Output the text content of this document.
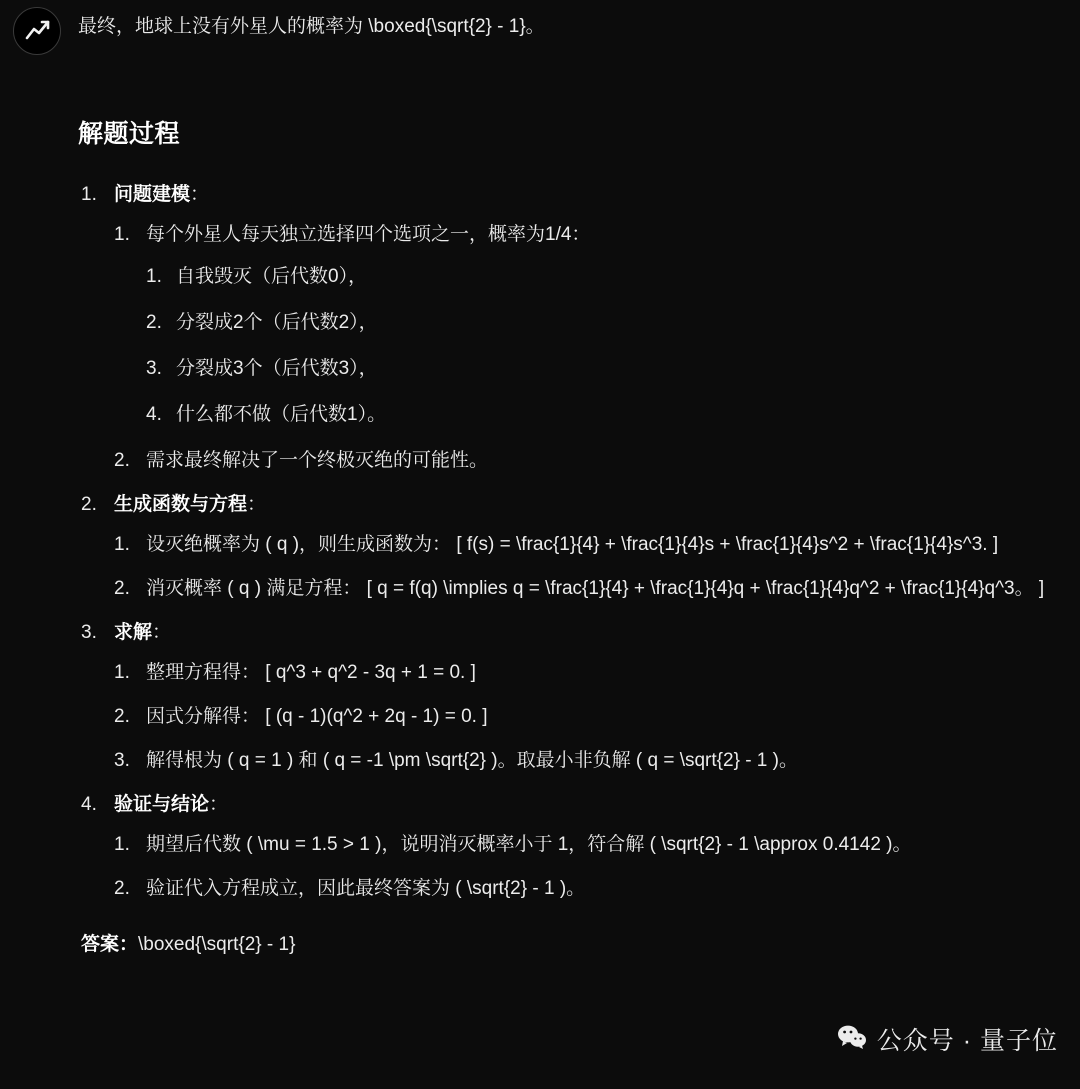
最终，地球上没有外星人的概率为 \boxed{\sqrt{2} - 1}。

解题过程
1. 问题建模：
1. 每个外星人每天独立选择四个选项之一，概率为1/4：
1. 自我毁灭（后代数0），
2. 分裂成2个（后代数2），
3. 分裂成3个（后代数3），
4. 什么都不做（后代数1）。
2. 需求最终解决了一个终极灭绝的可能性。
2. 生成函数与方程：
1. 设灭绝概率为 ( q )，则生成函数为： [ f(s) = \frac{1}{4} + \frac{1}{4}s + \frac{1}{4}s^2 + \frac{1}{4}s^3. ]
2. 消灭概率 ( q ) 满足方程： [ q = f(q) \implies q = \frac{1}{4} + \frac{1}{4}q + \frac{1}{4}q^2 + \frac{1}{4}q^3。 ]
3. 求解：
1. 整理方程得： [ q^3 + q^2 - 3q + 1 = 0. ]
2. 因式分解得： [ (q - 1)(q^2 + 2q - 1) = 0. ]
3. 解得根为 ( q = 1 ) 和 ( q = -1 \pm \sqrt{2} )。取最小非负解 ( q = \sqrt{2} - 1 )。
4. 验证与结论：
1. 期望后代数 ( \mu = 1.5 > 1 )，说明消灭概率小于 1，符合解 ( \sqrt{2} - 1 \approx 0.4142 )。
2. 验证代入方程成立，因此最终答案为 ( \sqrt{2} - 1 )。
答案：\boxed{\sqrt{2} - 1}
公众号 · 量子位
